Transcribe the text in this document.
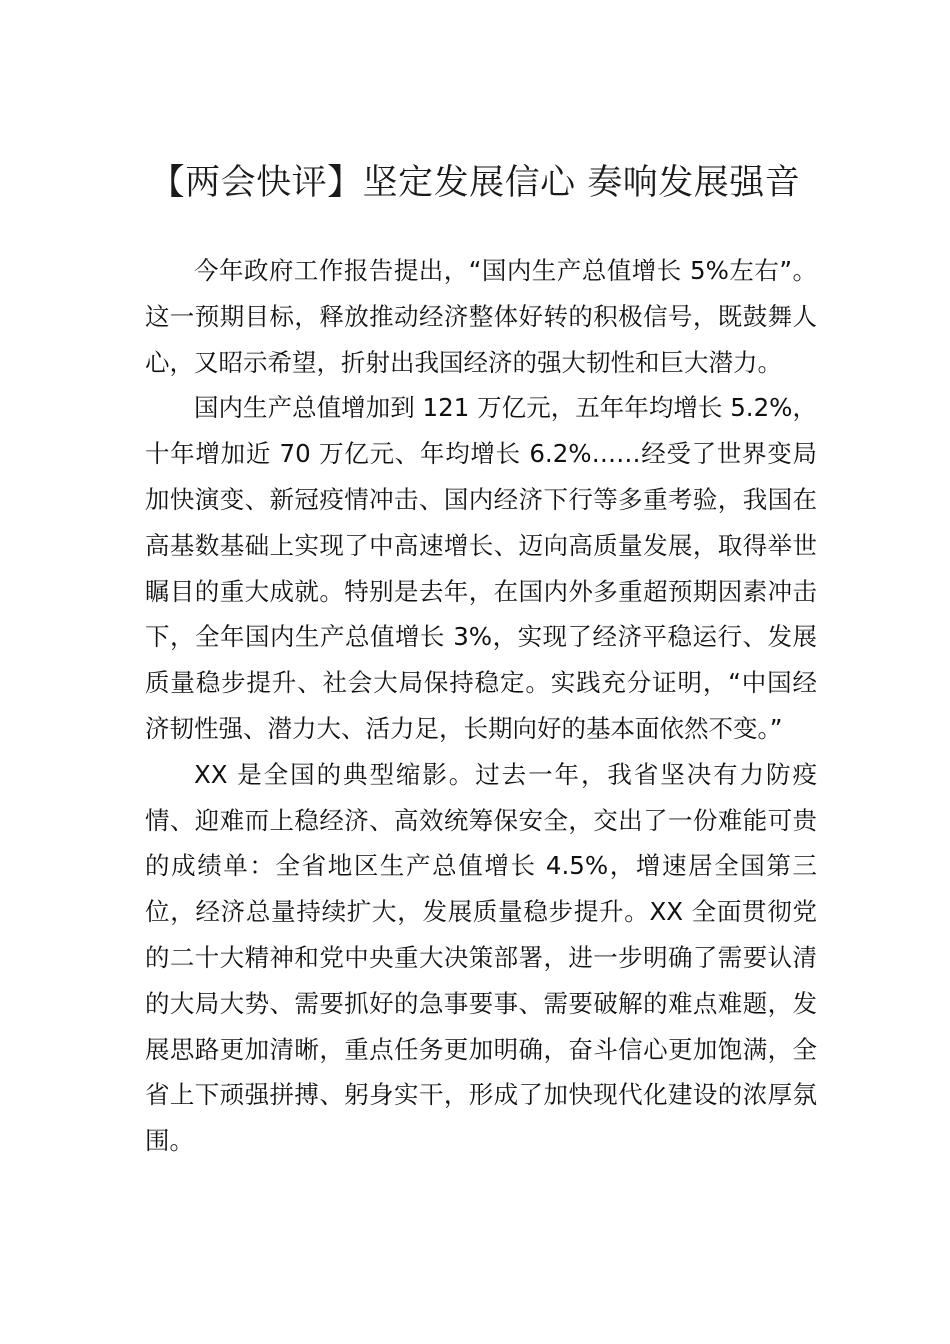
【两会快评】坚定发展信心 奏响发展强音

今年政府工作报告提出，“国内生产总值增长 5%左右”。这一预期目标，释放推动经济整体好转的积极信号，既鼓舞人心，又昭示希望，折射出我国经济的强大韧性和巨大潜力。

国内生产总值增加到 121 万亿元，五年年均增长 5.2%，十年增加近 70 万亿元、年均增长 6.2%……经受了世界变局加快演变、新冠疫情冲击、国内经济下行等多重考验，我国在高基数基础上实现了中高速增长、迈向高质量发展，取得举世瞩目的重大成就。特别是去年，在国内外多重超预期因素冲击下，全年国内生产总值增长 3%，实现了经济平稳运行、发展质量稳步提升、社会大局保持稳定。实践充分证明，“中国经济韧性强、潜力大、活力足，长期向好的基本面依然不变。”

XX 是全国的典型缩影。过去一年，我省坚决有力防疫情、迎难而上稳经济、高效统筹保安全，交出了一份难能可贵的成绩单：全省地区生产总值增长 4.5%，增速居全国第三位，经济总量持续扩大，发展质量稳步提升。XX 全面贯彻党的二十大精神和党中央重大决策部署，进一步明确了需要认清的大局大势、需要抓好的急事要事、需要破解的难点难题，发展思路更加清晰，重点任务更加明确，奋斗信心更加饱满，全省上下顽强拼搏、躬身实干，形成了加快现代化建设的浓厚氛围。
